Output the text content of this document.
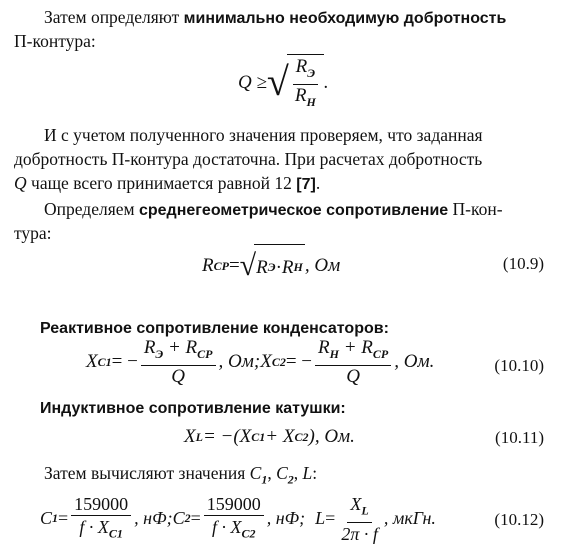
Затем определяют минимально необходимую добротность
П-контура:
Q ≥ √ $\frac{R_Э}{R_Н}$ .
И с учетом полученного значения проверяем, что заданная
добротность П-контура достаточна. При расчетах добротность
Q чаще всего принимается равной 12 [7].
Определяем среднегеометрическое сопротивление П-кон-
тура:
R СР = √ R Э · R Н , Ом	(10.9)
Реактивное сопротивление конденсаторов:
X C1 = − $\frac{R_Э + R_{CP}}{Q}$ , Ом; X C2 = − $\frac{R_Н + R_{CP}}{Q}$ , Ом.	(10.10)
Индуктивное сопротивление катушки:
X L = −(X C1 + X C2 ), Ом.	(10.11)
Затем вычисляют значения $C_1$, $C_2$, L:
C $1 = \frac{159000}{f \cdot X_{C1}}$ , нФ; C $2 = \frac{159000}{f \cdot X_{C2}}$ , нФ; $L = \frac{X_L}{2\pi \cdot f}$ , мкГн.	(10.12)
